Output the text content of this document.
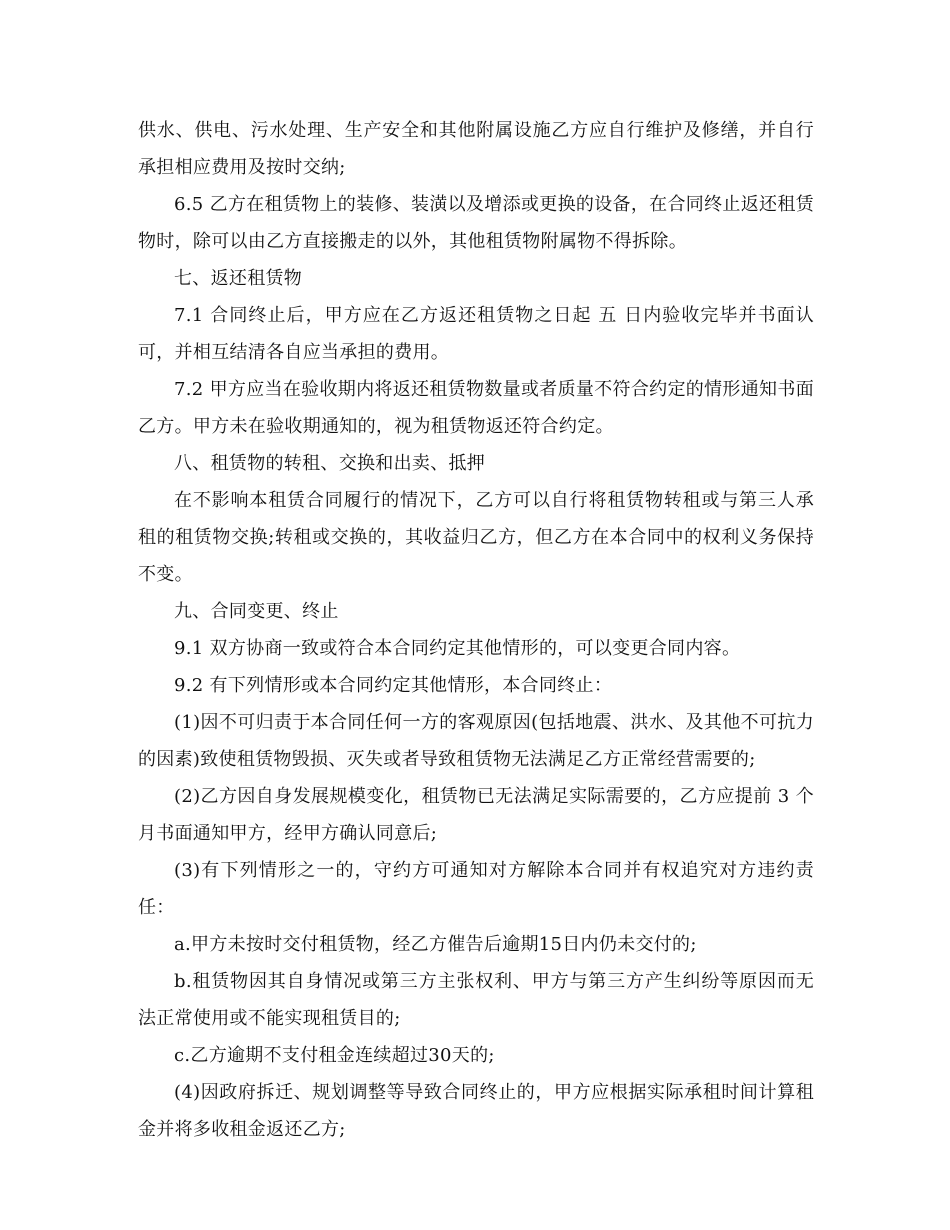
供水、供电、污水处理、生产安全和其他附属设施乙方应自行维护及修缮，并自行承担相应费用及按时交纳;

6.5 乙方在租赁物上的装修、装潢以及增添或更换的设备，在合同终止返还租赁物时，除可以由乙方直接搬走的以外，其他租赁物附属物不得拆除。

七、返还租赁物

7.1 合同终止后，甲方应在乙方返还租赁物之日起 五 日内验收完毕并书面认可，并相互结清各自应当承担的费用。

7.2 甲方应当在验收期内将返还租赁物数量或者质量不符合约定的情形通知书面乙方。甲方未在验收期通知的，视为租赁物返还符合约定。

八、租赁物的转租、交换和出卖、抵押

在不影响本租赁合同履行的情况下，乙方可以自行将租赁物转租或与第三人承租的租赁物交换;转租或交换的，其收益归乙方，但乙方在本合同中的权利义务保持不变。

九、合同变更、终止

9.1 双方协商一致或符合本合同约定其他情形的，可以变更合同内容。

9.2 有下列情形或本合同约定其他情形，本合同终止：

(1)因不可归责于本合同任何一方的客观原因(包括地震、洪水、及其他不可抗力的因素)致使租赁物毁损、灭失或者导致租赁物无法满足乙方正常经营需要的;

(2)乙方因自身发展规模变化，租赁物已无法满足实际需要的，乙方应提前 3 个月书面通知甲方，经甲方确认同意后;

(3)有下列情形之一的，守约方可通知对方解除本合同并有权追究对方违约责任：

a.甲方未按时交付租赁物，经乙方催告后逾期15日内仍未交付的;

b.租赁物因其自身情况或第三方主张权利、甲方与第三方产生纠纷等原因而无法正常使用或不能实现租赁目的;

c.乙方逾期不支付租金连续超过30天的;

(4)因政府拆迁、规划调整等导致合同终止的，甲方应根据实际承租时间计算租金并将多收租金返还乙方;
